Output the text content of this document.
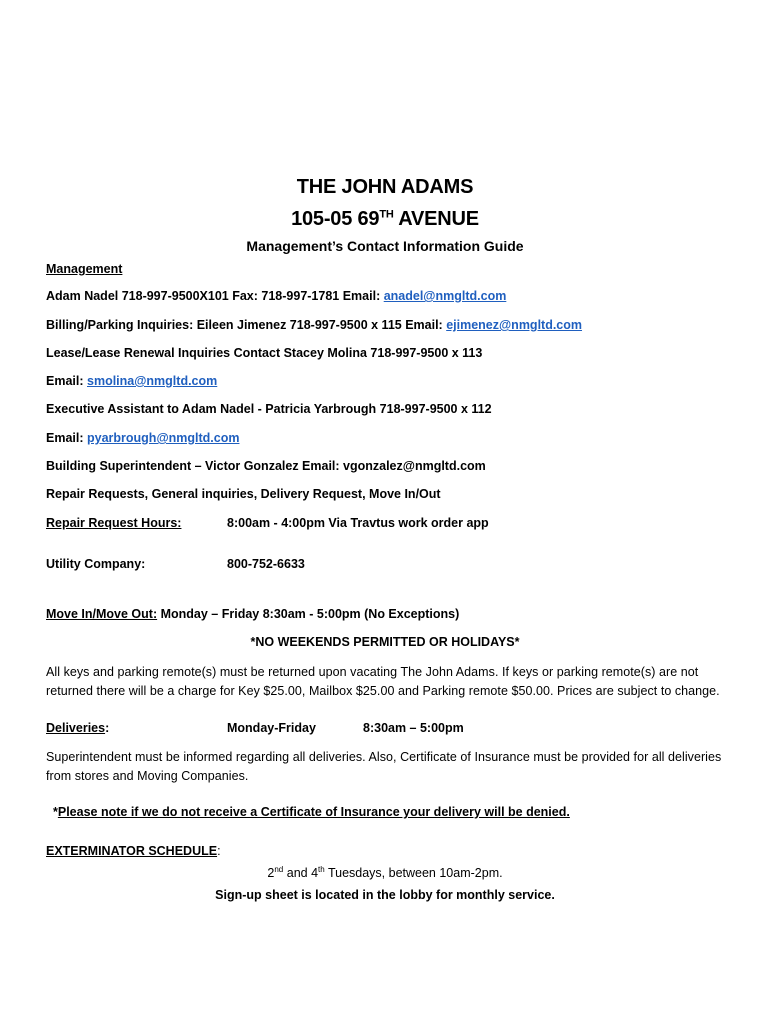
THE JOHN ADAMS
105-05 69TH AVENUE
Management’s Contact Information Guide
Management
Adam Nadel 718-997-9500X101 Fax: 718-997-1781 Email: anadel@nmgltd.com
Billing/Parking Inquiries: Eileen Jimenez 718-997-9500 x 115 Email: ejimenez@nmgltd.com
Lease/Lease Renewal Inquiries Contact Stacey Molina 718-997-9500 x 113
Email: smolina@nmgltd.com
Executive Assistant to Adam Nadel - Patricia Yarbrough 718-997-9500 x 112
Email: pyarbrough@nmgltd.com
Building Superintendent – Victor Gonzalez Email: vgonzalez@nmgltd.com
Repair Requests, General inquiries, Delivery Request, Move In/Out
Repair Request Hours:	8:00am - 4:00pm Via Travtus work order app
Utility Company:	800-752-6633
Move In/Move Out: Monday – Friday 8:30am - 5:00pm (No Exceptions)
*NO WEEKENDS PERMITTED OR HOLIDAYS*
All keys and parking remote(s) must be returned upon vacating The John Adams. If keys or parking remote(s) are not returned there will be a charge for Key $25.00, Mailbox $25.00 and Parking remote $50.00. Prices are subject to change.
Deliveries:	Monday-Friday	8:30am – 5:00pm
Superintendent must be informed regarding all deliveries. Also, Certificate of Insurance must be provided for all deliveries from stores and Moving Companies.
*Please note if we do not receive a Certificate of Insurance your delivery will be denied.
EXTERMINATOR SCHEDULE:
2nd and 4th Tuesdays, between 10am-2pm.
Sign-up sheet is located in the lobby for monthly service.
